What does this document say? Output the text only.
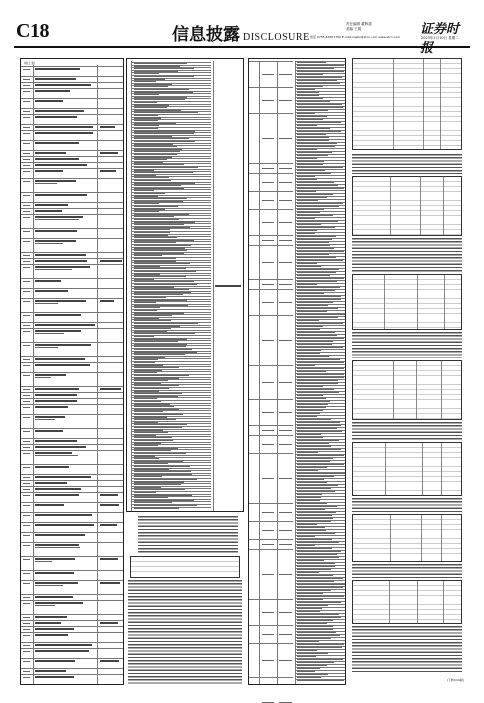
C18	信息披露 DISCLOSURE
责任编辑 董辉超
美编 王娟
电话 0755-83501750 E-mail:zqsbz@stcn.com www.stcn.com 证券时报
2023年1月10日 星期二
(续上表)
(下转C19版)
